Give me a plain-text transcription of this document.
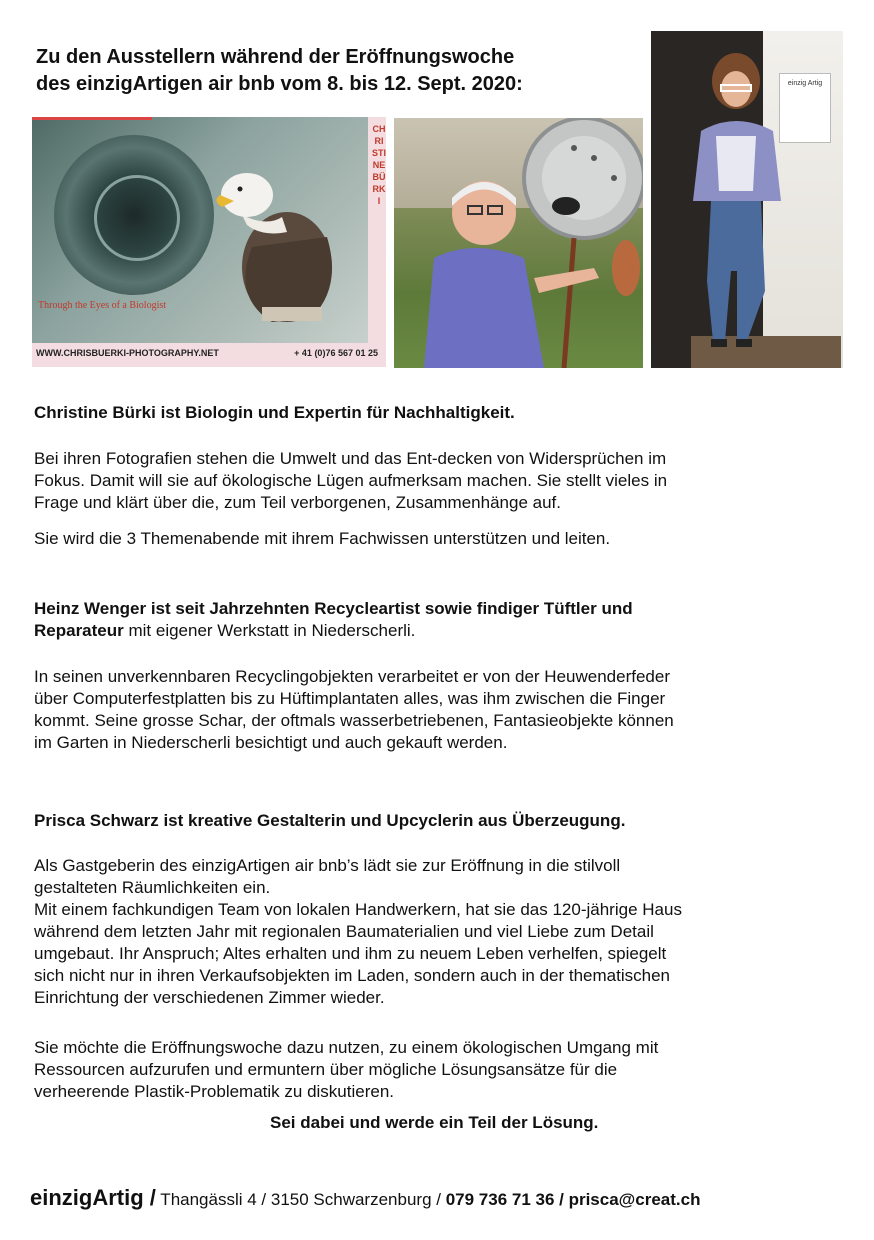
Zu den Ausstellern während der Eröffnungswoche
des einzigArtigen air bnb vom 8. bis 12. Sept. 2020:
CHRISTINE BÜRKI
Through the Eyes of a Biologist
WWW.CHRISBUERKI-PHOTOGRAPHY.NET	+ 41 (0)76 567 01 25
einzig Artig
Christine Bürki ist Biologin und Expertin für Nachhaltigkeit.
Bei ihren Fotografien stehen die Umwelt und das Ent-decken von Widersprüchen im
Fokus. Damit will sie auf ökologische Lügen aufmerksam machen. Sie stellt vieles in
Frage und klärt über die, zum Teil verborgenen, Zusammenhänge auf.
Sie wird die 3 Themenabende mit ihrem Fachwissen unterstützen und leiten.
Heinz Wenger ist seit Jahrzehnten Recycleartist sowie findiger Tüftler und
Reparateur mit eigener Werkstatt in Niederscherli.
In seinen unverkennbaren Recyclingobjekten verarbeitet er von der Heuwenderfeder
über Computerfestplatten bis zu Hüftimplantaten alles, was ihm zwischen die Finger
kommt. Seine grosse Schar, der oftmals wasserbetriebenen, Fantasieobjekte können
im Garten in Niederscherli besichtigt und auch gekauft werden.
Prisca Schwarz ist kreative Gestalterin und Upcyclerin aus Überzeugung.
Als Gastgeberin des einzigArtigen air bnb’s lädt sie zur Eröffnung in die stilvoll
gestalteten Räumlichkeiten ein.
Mit einem fachkundigen Team von lokalen Handwerkern, hat sie das 120-jährige Haus
während dem letzten Jahr mit regionalen Baumaterialien und viel Liebe zum Detail
umgebaut. Ihr Anspruch; Altes erhalten und ihm zu neuem Leben verhelfen, spiegelt
sich nicht nur in ihren Verkaufsobjekten im Laden, sondern auch in der thematischen
Einrichtung der verschiedenen Zimmer wieder.
Sie möchte die Eröffnungswoche dazu nutzen, zu einem ökologischen Umgang mit
Ressourcen aufzurufen und ermuntern über mögliche Lösungsansätze für die
verheerende Plastik-Problematik zu diskutieren.
Sei dabei und werde ein Teil der Lösung.
einzigArtig / Thangässli 4 / 3150 Schwarzenburg / 079 736 71 36 / prisca@creat.ch
